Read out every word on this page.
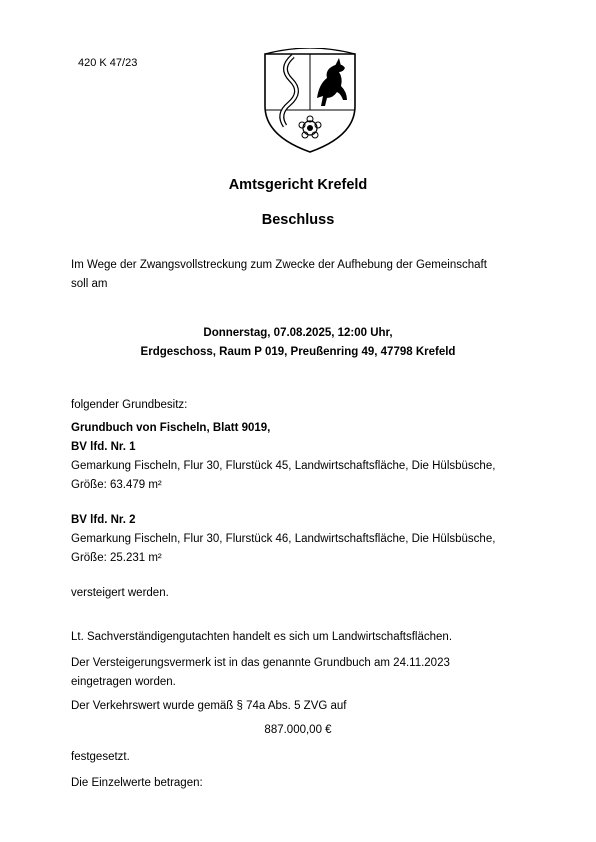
420 K 47/23
Amtsgericht Krefeld
Beschluss
Im Wege der Zwangsvollstreckung zum Zwecke der Aufhebung der Gemeinschaft
soll am
Donnerstag, 07.08.2025, 12:00 Uhr,
Erdgeschoss, Raum P 019, Preußenring 49, 47798 Krefeld
folgender Grundbesitz:
Grundbuch von Fischeln, Blatt 9019,
BV lfd. Nr. 1
Gemarkung Fischeln, Flur 30, Flurstück 45, Landwirtschaftsfläche, Die Hülsbüsche,
Größe: 63.479 m²
BV lfd. Nr. 2
Gemarkung Fischeln, Flur 30, Flurstück 46, Landwirtschaftsfläche, Die Hülsbüsche,
Größe: 25.231 m²
versteigert werden.
Lt. Sachverständigengutachten handelt es sich um Landwirtschaftsflächen.
Der Versteigerungsvermerk ist in das genannte Grundbuch am 24.11.2023
eingetragen worden.
Der Verkehrswert wurde gemäß § 74a Abs. 5 ZVG auf
887.000,00 €
festgesetzt.
Die Einzelwerte betragen:
